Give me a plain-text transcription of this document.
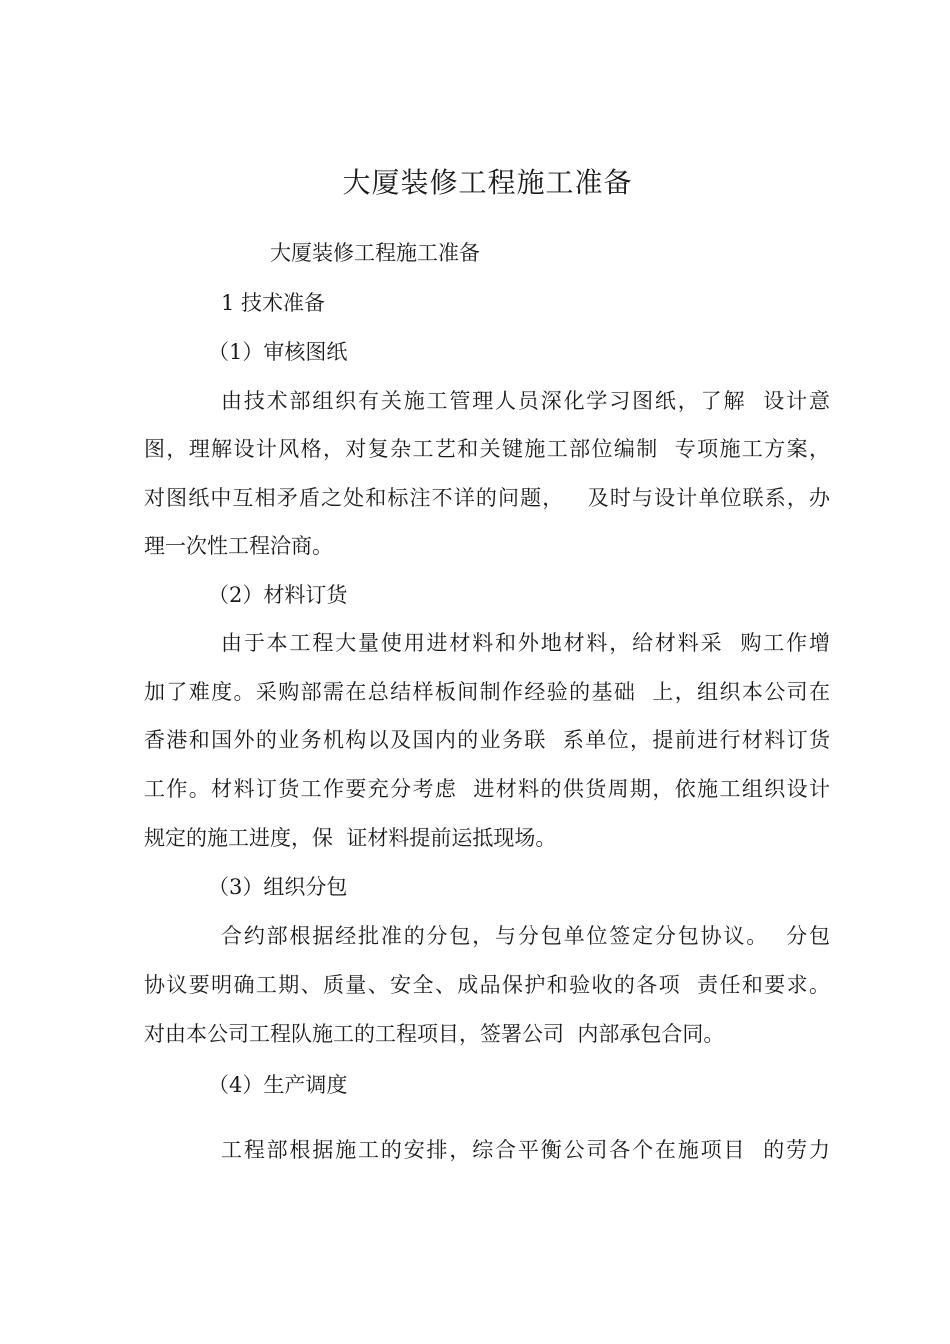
大厦装修工程施工准备
大厦装修工程施工准备
1 技术准备
（1）审核图纸
由技术部组织有关施工管理人员深化学习图纸，了解  设计意
图，理解设计风格，对复杂工艺和关键施工部位编制  专项施工方案，
对图纸中互相矛盾之处和标注不详的问题，   及时与设计单位联系，办
理一次性工程洽商。
（2）材料订货
由于本工程大量使用进材料和外地材料，给材料采  购工作增
加了难度。采购部需在总结样板间制作经验的基础  上，组织本公司在
香港和国外的业务机构以及国内的业务联  系单位，提前进行材料订货
工作。材料订货工作要充分考虑  进材料的供货周期，依施工组织设计
规定的施工进度，保  证材料提前运抵现场。
（3）组织分包
合约部根据经批准的分包，与分包单位签定分包协议。  分包
协议要明确工期、质量、安全、成品保护和验收的各项  责任和要求。
对由本公司工程队施工的工程项目，签署公司  内部承包合同。
（4）生产调度
工程部根据施工的安排，综合平衡公司各个在施项目  的劳力
